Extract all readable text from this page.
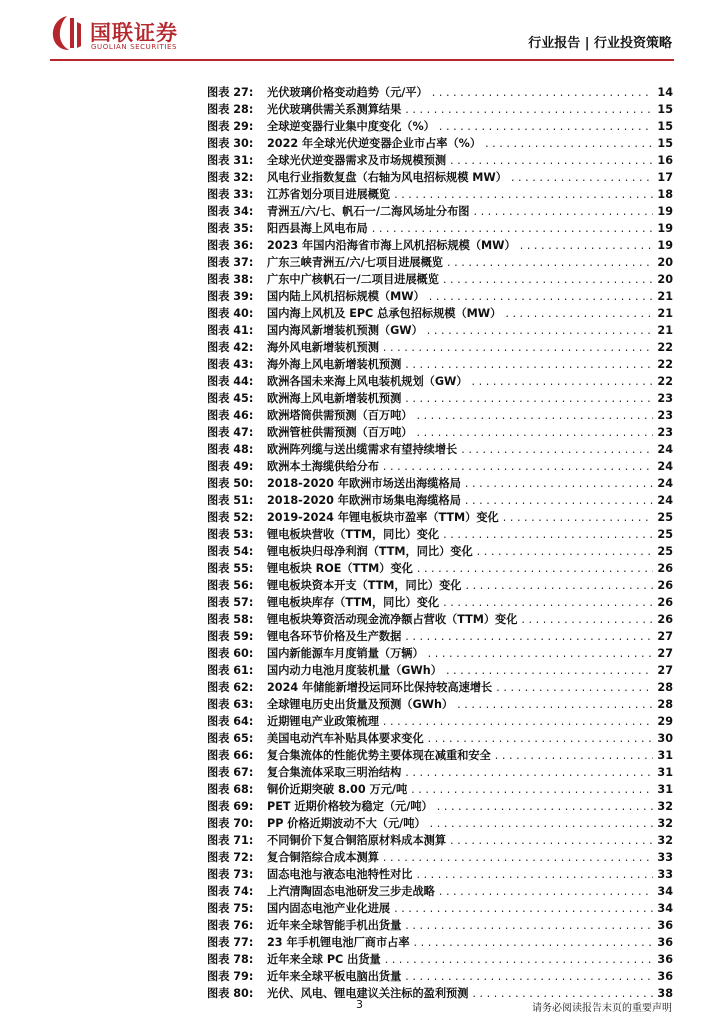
国联证券
GUOLIAN SECURITIES	行业报告 | 行业投资策略
图表 27:	光伏玻璃价格变动趋势（元/平） . . .	14
图表 28:	光伏玻璃供需关系测算结果 . . .	15
图表 29:	全球逆变器行业集中度变化（%） . . .	15
图表 30:	2022 年全球光伏逆变器企业市占率（%） . . .	15
图表 31:	全球光伏逆变器需求及市场规模预测 . . .	16
图表 32:	风电行业指数复盘（右轴为风电招标规模 MW） . . .	17
图表 33:	江苏省划分项目进展概览 . . .	18
图表 34:	青洲五/六/七、帆石一/二海风场址分布图 . . .	19
图表 35:	阳西县海上风电布局 . . .	19
图表 36:	2023 年国内沿海省市海上风机招标规模（MW） . . .	19
图表 37:	广东三峡青洲五/六/七项目进展概览 . . .	20
图表 38:	广东中广核帆石一/二项目进展概览 . . .	20
图表 39:	国内陆上风机招标规模（MW） . . .	21
图表 40:	国内海上风机及 EPC 总承包招标规模（MW） . . .	21
图表 41:	国内海风新增装机预测（GW） . . .	21
图表 42:	海外风电新增装机预测 . . .	22
图表 43:	海外海上风电新增装机预测 . . .	22
图表 44:	欧洲各国未来海上风电装机规划（GW） . . .	22
图表 45:	欧洲海上风电新增装机预测 . . .	23
图表 46:	欧洲塔筒供需预测（百万吨） . . .	23
图表 47:	欧洲管桩供需预测（百万吨） . . .	23
图表 48:	欧洲阵列缆与送出缆需求有望持续增长 . . .	24
图表 49:	欧洲本土海缆供给分布 . . .	24
图表 50:	2018-2020 年欧洲市场送出海缆格局 . . .	24
图表 51:	2018-2020 年欧洲市场集电海缆格局 . . .	24
图表 52:	2019-2024 年锂电板块市盈率（TTM）变化 . . .	25
图表 53:	锂电板块营收（TTM，同比）变化 . . .	25
图表 54:	锂电板块归母净利润（TTM，同比）变化 . . .	25
图表 55:	锂电板块 ROE（TTM）变化 . . .	26
图表 56:	锂电板块资本开支（TTM，同比）变化 . . .	26
图表 57:	锂电板块库存（TTM，同比）变化 . . .	26
图表 58:	锂电板块筹资活动现金流净额占营收（TTM）变化 . . .	26
图表 59:	锂电各环节价格及生产数据 . . .	27
图表 60:	国内新能源车月度销量（万辆） . . .	27
图表 61:	国内动力电池月度装机量（GWh） . . .	27
图表 62:	2024 年储能新增投运同环比保持较高速增长 . . .	28
图表 63:	全球锂电历史出货量及预测（GWh） . . .	28
图表 64:	近期锂电产业政策梳理 . . .	29
图表 65:	美国电动汽车补贴具体要求变化 . . .	30
图表 66:	复合集流体的性能优势主要体现在减重和安全 . . .	31
图表 67:	复合集流体采取三明治结构 . . .	31
图表 68:	铜价近期突破 8.00 万元/吨 . . .	31
图表 69:	PET 近期价格较为稳定（元/吨） . . .	32
图表 70:	PP 价格近期波动不大（元/吨） . . .	32
图表 71:	不同铜价下复合铜箔原材料成本测算 . . .	32
图表 72:	复合铜箔综合成本测算 . . .	33
图表 73:	固态电池与液态电池特性对比 . . .	33
图表 74:	上汽清陶固态电池研发三步走战略 . . .	34
图表 75:	国内固态电池产业化进展 . . .	34
图表 76:	近年来全球智能手机出货量 . . .	36
图表 77:	23 年手机锂电池厂商市占率 . . .	36
图表 78:	近年来全球 PC 出货量 . . .	36
图表 79:	近年来全球平板电脑出货量 . . .	36
图表 80:	光伏、风电、锂电建议关注标的盈利预测 . . .	38
3	请务必阅读报告末页的重要声明
